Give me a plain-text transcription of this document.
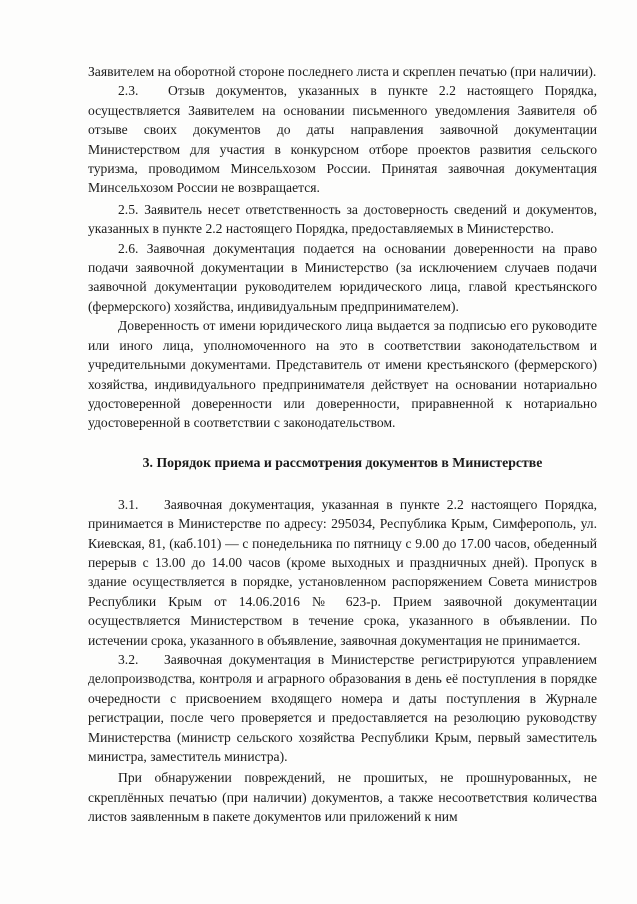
Заявителем на оборотной стороне последнего листа и скреплен печатью (при наличии).

2.3. Отзыв документов, указанных в пункте 2.2 настоящего Порядка, осуществляется Заявителем на основании письменного уведомления Заявителя об отзыве своих документов до даты направления заявочной документации Министерством для участия в конкурсном отборе проектов развития сельского туризма, проводимом Минсельхозом России. Принятая заявочная документация Минсельхозом России не возвращается.

2.5. Заявитель несет ответственность за достоверность сведений и документов, указанных в пункте 2.2 настоящего Порядка, предоставляемых в Министерство.

2.6. Заявочная документация подается на основании доверенности на право подачи заявочной документации в Министерство (за исключением случаев подачи заявочной документации руководителем юридического лица, главой крестьянского (фермерского) хозяйства, индивидуальным предпринимателем).

Доверенность от имени юридического лица выдается за подписью его руководите или иного лица, уполномоченного на это в соответствии законодательством и учредительными документами. Представитель от имени крестьянского (фермерского) хозяйства, индивидуального предпринимателя действует на основании нотариально удостоверенной доверенности или доверенности, приравненной к нотариально удостоверенной в соответствии с законодательством.

3. Порядок приема и рассмотрения документов в Министерстве

3.1. Заявочная документация, указанная в пункте 2.2 настоящего Порядка, принимается в Министерстве по адресу: 295034, Республика Крым, Симферополь, ул. Киевская, 81, (каб.101) — с понедельника по пятницу с 9.00 до 17.00 часов, обеденный перерыв с 13.00 до 14.00 часов (кроме выходных и праздничных дней). Пропуск в здание осуществляется в порядке, установленном распоряжением Совета министров Республики Крым от 14.06.2016 № 623-р. Прием заявочной документации осуществляется Министерством в течение срока, указанного в объявлении. По истечении срока, указанного в объявление, заявочная документация не принимается.

3.2. Заявочная документация в Министерстве регистрируются управлением делопроизводства, контроля и аграрного образования в день её поступления в порядке очередности с присвоением входящего номера и даты поступления в Журнале регистрации, после чего проверяется и предоставляется на резолюцию руководству Министерства (министр сельского хозяйства Республики Крым, первый заместитель министра, заместитель министра).

При обнаружении повреждений, не прошитых, не прошнурованных, не скреплённых печатью (при наличии) документов, а также несоответствия количества листов заявленным в пакете документов или приложений к ним
